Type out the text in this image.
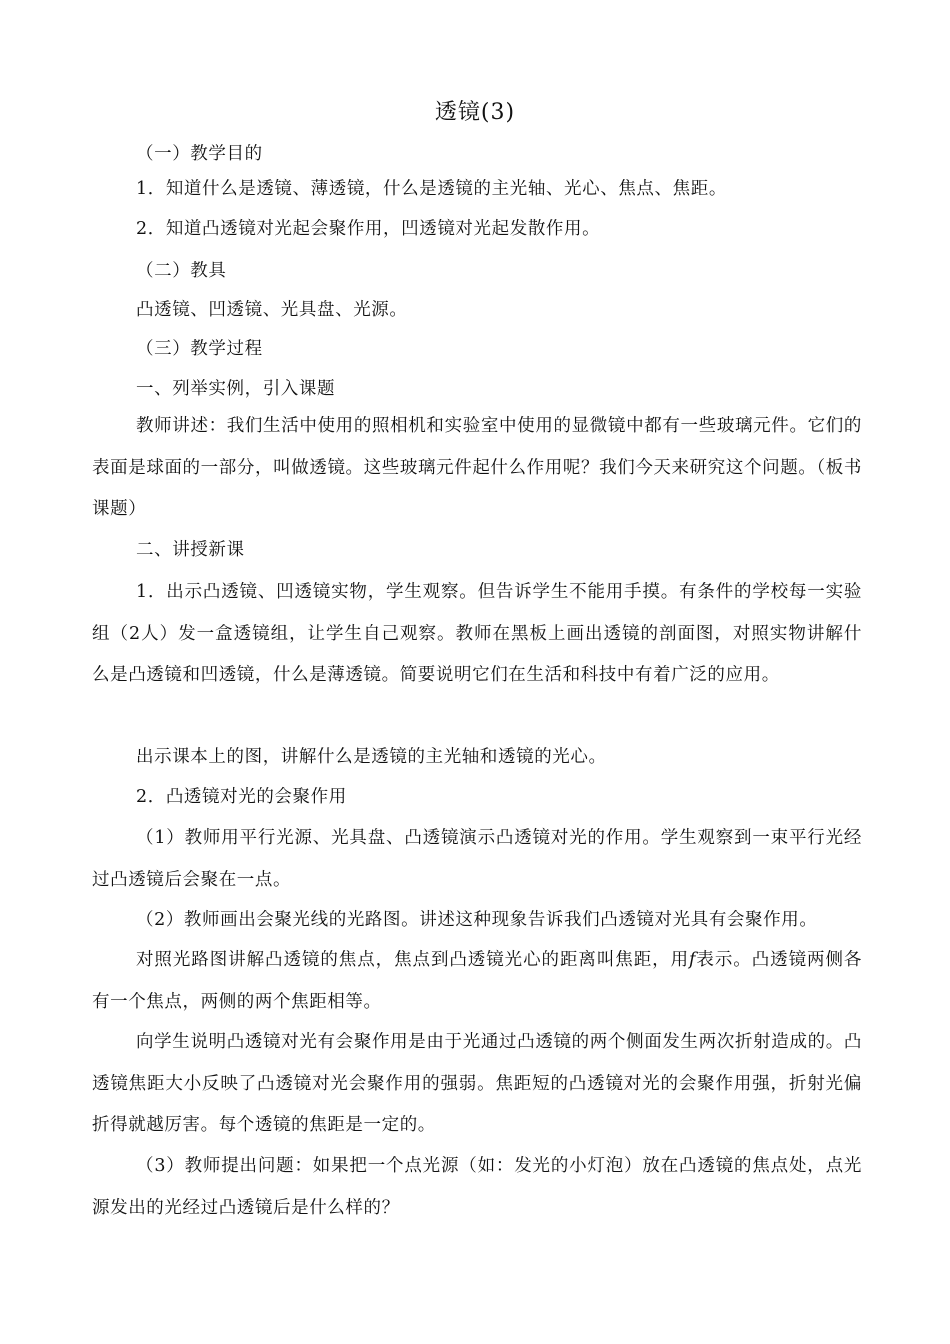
透镜(3)

（一）教学目的

1．知道什么是透镜、薄透镜，什么是透镜的主光轴、光心、焦点、焦距。

2．知道凸透镜对光起会聚作用，凹透镜对光起发散作用。

（二）教具

凸透镜、凹透镜、光具盘、光源。

（三）教学过程

一、列举实例，引入课题

教师讲述：我们生活中使用的照相机和实验室中使用的显微镜中都有一些玻璃元件。它们的表面是球面的一部分，叫做透镜。这些玻璃元件起什么作用呢？我们今天来研究这个问题。（板书课题）

二、讲授新课

1．出示凸透镜、凹透镜实物，学生观察。但告诉学生不能用手摸。有条件的学校每一实验组（2人）发一盒透镜组，让学生自己观察。教师在黑板上画出透镜的剖面图，对照实物讲解什么是凸透镜和凹透镜，什么是薄透镜。简要说明它们在生活和科技中有着广泛的应用。

出示课本上的图，讲解什么是透镜的主光轴和透镜的光心。

2．凸透镜对光的会聚作用

（1）教师用平行光源、光具盘、凸透镜演示凸透镜对光的作用。学生观察到一束平行光经过凸透镜后会聚在一点。

（2）教师画出会聚光线的光路图。讲述这种现象告诉我们凸透镜对光具有会聚作用。

对照光路图讲解凸透镜的焦点，焦点到凸透镜光心的距离叫焦距，用f表示。凸透镜两侧各有一个焦点，两侧的两个焦距相等。

向学生说明凸透镜对光有会聚作用是由于光通过凸透镜的两个侧面发生两次折射造成的。凸透镜焦距大小反映了凸透镜对光会聚作用的强弱。焦距短的凸透镜对光的会聚作用强，折射光偏折得就越厉害。每个透镜的焦距是一定的。

（3）教师提出问题：如果把一个点光源（如：发光的小灯泡）放在凸透镜的焦点处，点光源发出的光经过凸透镜后是什么样的？
